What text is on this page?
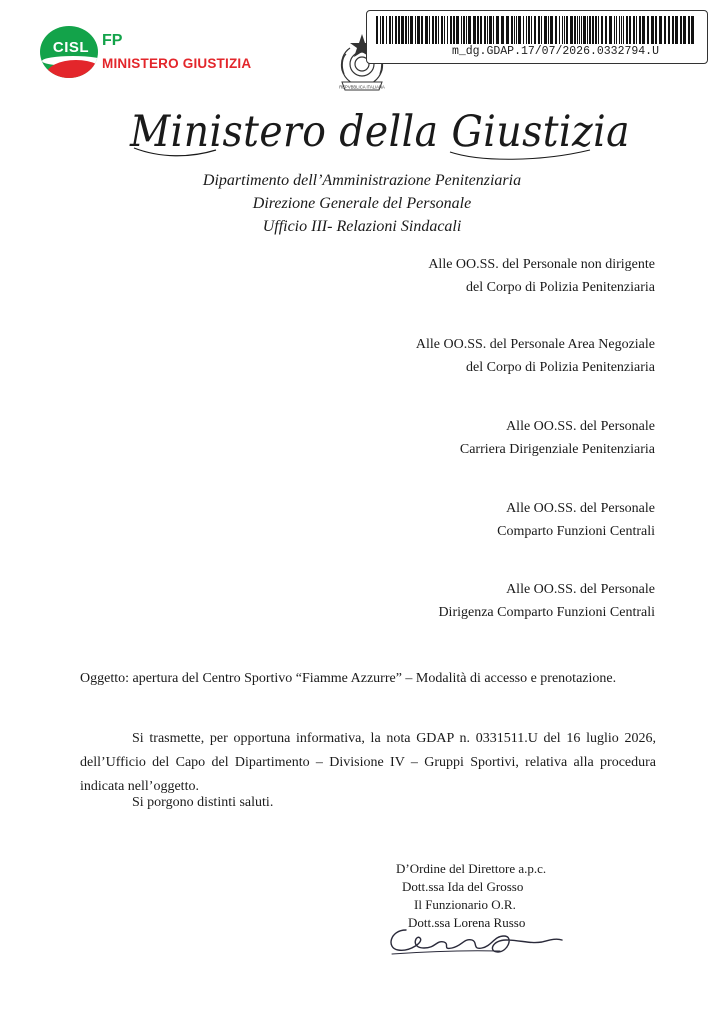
CISL FP
MINISTERO GIUSTIZIA
REPVBBLICA ITALIANA
m_dg.GDAP.17/07/2026.0332794.U
Ministero della Giustizia
Dipartimento dell’Amministrazione Penitenziaria
Direzione Generale del Personale
Ufficio III- Relazioni Sindacali
Alle OO.SS. del Personale non dirigente
del Corpo di Polizia Penitenziaria
Alle OO.SS. del Personale Area Negoziale
del Corpo di Polizia Penitenziaria
Alle OO.SS. del Personale
Carriera Dirigenziale Penitenziaria
Alle OO.SS. del Personale
Comparto Funzioni Centrali
Alle OO.SS. del Personale
Dirigenza Comparto Funzioni Centrali
Oggetto: apertura del Centro Sportivo “Fiamme Azzurre” – Modalità di accesso e prenotazione.
Si trasmette, per opportuna informativa, la nota GDAP n. 0331511.U del 16 luglio 2026, dell’Ufficio del Capo del Dipartimento – Divisione IV – Gruppi Sportivi, relativa alla procedura indicata nell’oggetto.
Si porgono distinti saluti.
D’Ordine del Direttore a.p.c.
Dott.ssa Ida del Grosso
Il Funzionario O.R.
Dott.ssa Lorena Russo
